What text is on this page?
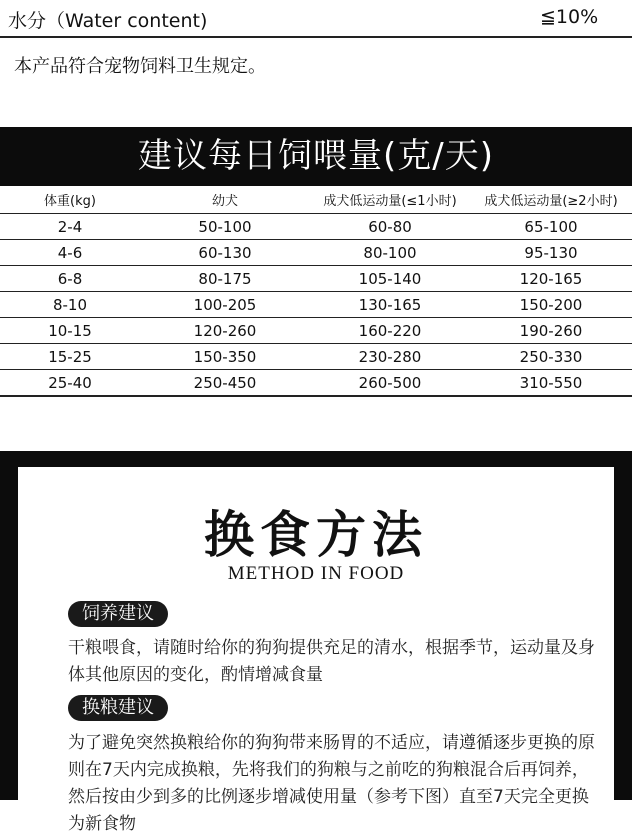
水分（Water content)	≦10%
本产品符合宠物饲料卫生规定。
建议每日饲喂量(克/天)
体重(kg)	幼犬	成犬低运动量(≤1小时)	成犬低运动量(≥2小时)
2-4	50-100	60-80	65-100
4-6	60-130	80-100	95-130
6-8	80-175	105-140	120-165
8-10	100-205	130-165	150-200
10-15	120-260	160-220	190-260
15-25	150-350	230-280	250-330
25-40	250-450	260-500	310-550
换食方法
METHOD IN FOOD
饲养建议
干粮喂食，请随时给你的狗狗提供充足的清水，根据季节，运动量及身体其他原因的变化，酌情增减食量
换粮建议
为了避免突然换粮给你的狗狗带来肠胃的不适应，请遵循逐步更换的原则在7天内完成换粮，先将我们的狗粮与之前吃的狗粮混合后再饲养，然后按由少到多的比例逐步增减使用量（参考下图）直至7天完全更换为新食物
